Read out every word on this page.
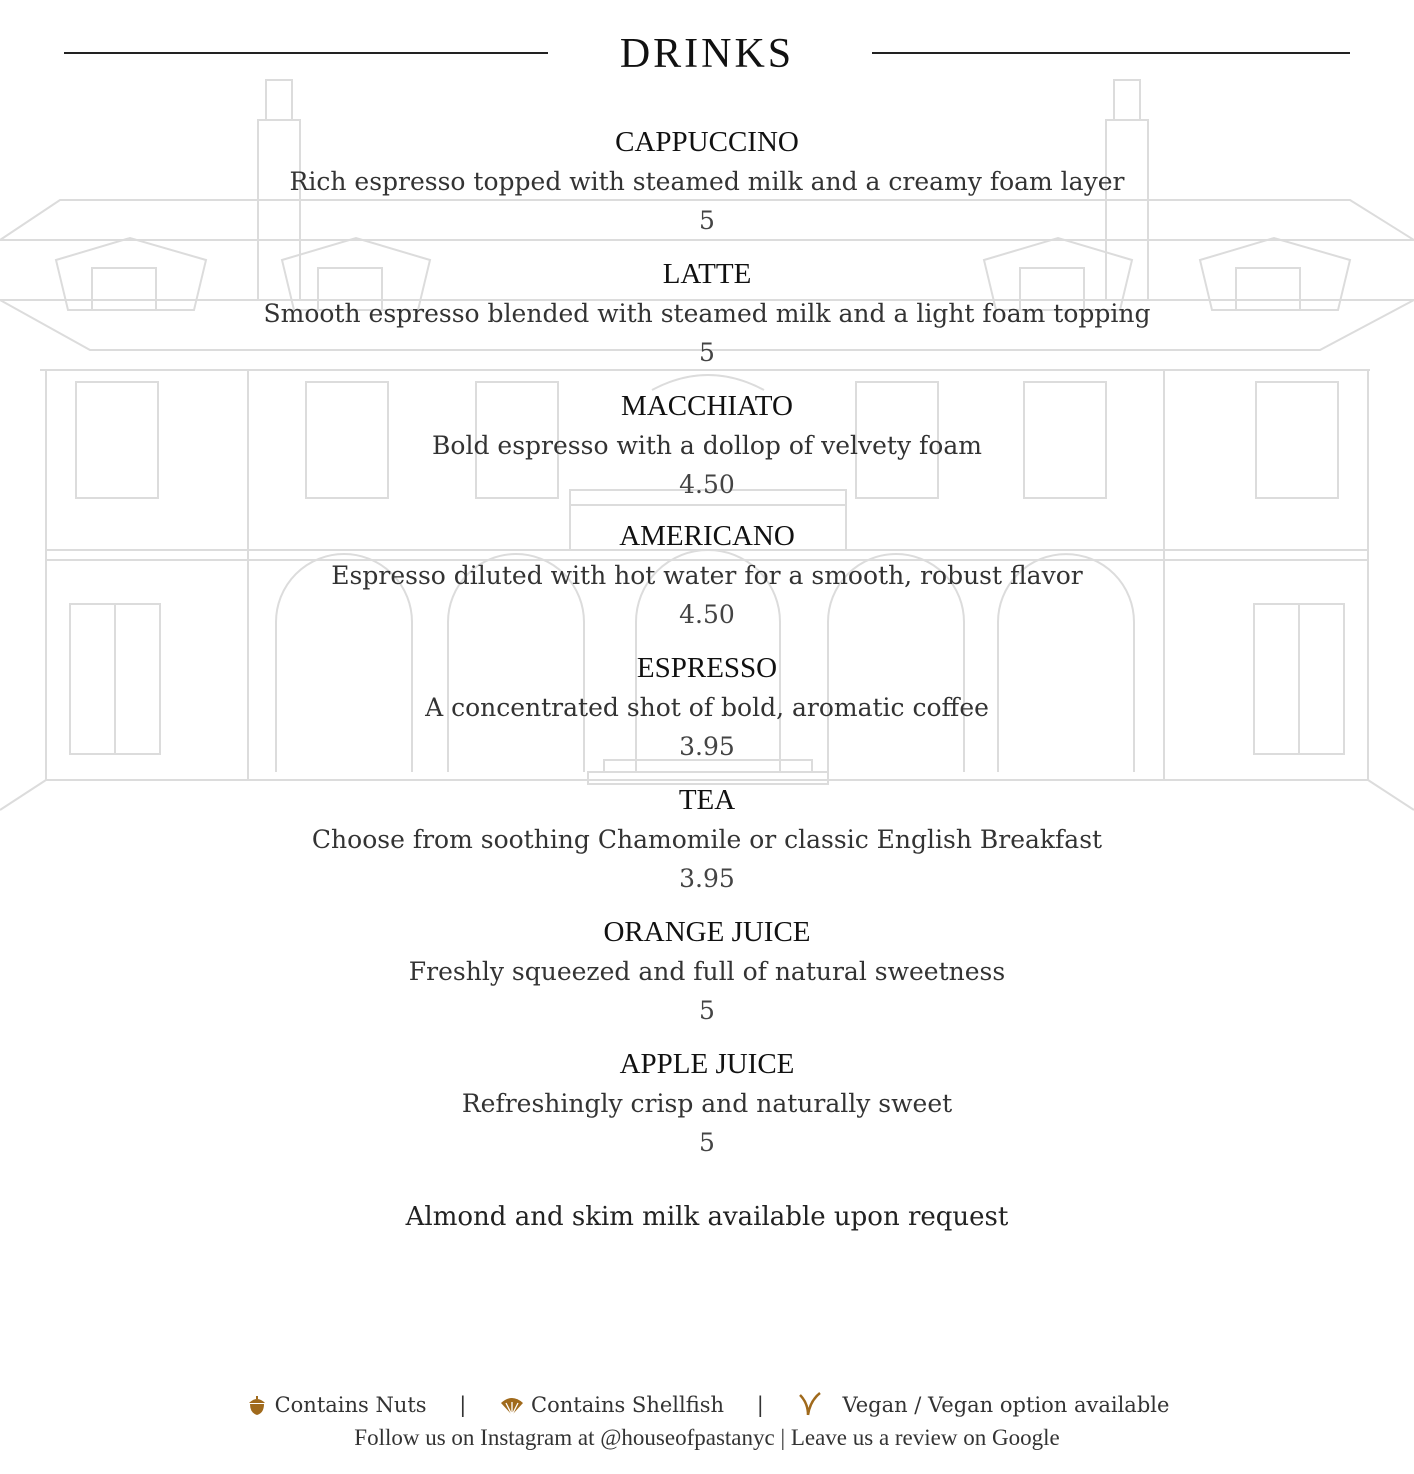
DRINKS
CAPPUCCINO
Rich espresso topped with steamed milk and a creamy foam layer
5
LATTE
Smooth espresso blended with steamed milk and a light foam topping
5
MACCHIATO
Bold espresso with a dollop of velvety foam
4.50
AMERICANO
Espresso diluted with hot water for a smooth, robust flavor
4.50
ESPRESSO
A concentrated shot of bold, aromatic coffee
3.95
TEA
Choose from soothing Chamomile or classic English Breakfast
3.95
ORANGE JUICE
Freshly squeezed and full of natural sweetness
5
APPLE JUICE
Refreshingly crisp and naturally sweet
5
Almond and skim milk available upon request
Contains Nuts |	Contains Shellfish |	Vegan / Vegan option available
Follow us on Instagram at @houseofpastanyc | Leave us a review on Google
